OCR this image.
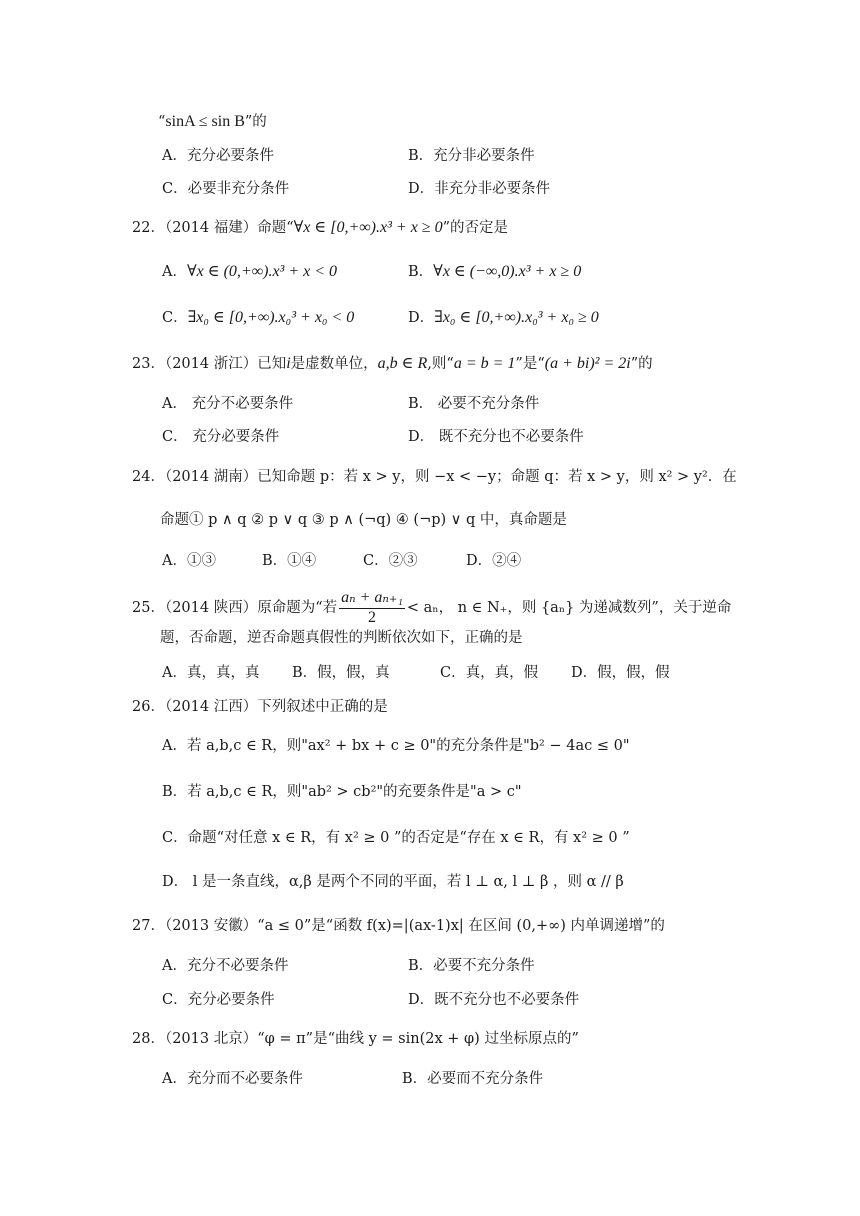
“sinA ≤ sin B”的
A．充分必要条件	B．充分非必要条件
C．必要非充分条件	D．非充分非必要条件
22．（2014 福建）命题“∀x ∈ [0,+∞).x³ + x ≥ 0”的否定是
A．∀x ∈ (0,+∞).x³ + x < 0	B．∀x ∈ (−∞,0).x³ + x ≥ 0
C．∃x₀ ∈ [0,+∞).x₀³ + x₀ < 0	D．∃x₀ ∈ [0,+∞).x₀³ + x₀ ≥ 0
23．（2014 浙江）已知i是虚数单位，a,b ∈ R,则“a = b = 1”是“(a + bi)² = 2i”的
A． 充分不必要条件	B． 必要不充分条件
C． 充分必要条件	D． 既不充分也不必要条件
24．（2014 湖南）已知命题 p：若 x > y，则 −x < −y；命题 q：若 x > y，则 x² > y²．在
命题① p ∧ q ② p ∨ q ③ p ∧ (¬q) ④ (¬p) ∨ q 中，真命题是
A．①③	B．①④	C．②③	D．②④
25．（2014 陕西）原命题为“若 $\frac{\text{aₙ + aₙ₊₁}}{2} < a_n$， n ∈ N₊，则 {aₙ} 为递减数列”，关于逆命
题，否命题，逆否命题真假性的判断依次如下，正确的是
A．真，真，真 B．假，假，真	C．真，真，假 D．假，假，假
26．（2014 江西）下列叙述中正确的是
A．若 a,b,c ∈ R，则"ax² + bx + c ≥ 0"的充分条件是"b² − 4ac ≤ 0"
B．若 a,b,c ∈ R，则"ab² > cb²"的充要条件是"a > c"
C．命题“对任意 x ∈ R，有 x² ≥ 0 ”的否定是“存在 x ∈ R，有 x² ≥ 0 ”
D． l 是一条直线，α,β 是两个不同的平面，若 l ⊥ α, l ⊥ β ，则 α // β
27．（2013 安徽）“a ≤ 0”是“函数 f(x)=|(ax-1)x| 在区间 (0,+∞) 内单调递增”的
A．充分不必要条件	B．必要不充分条件
C．充分必要条件	D．既不充分也不必要条件
28．（2013 北京）“φ = π”是“曲线 y = sin(2x + φ) 过坐标原点的”
A．充分而不必要条件	B．必要而不充分条件
